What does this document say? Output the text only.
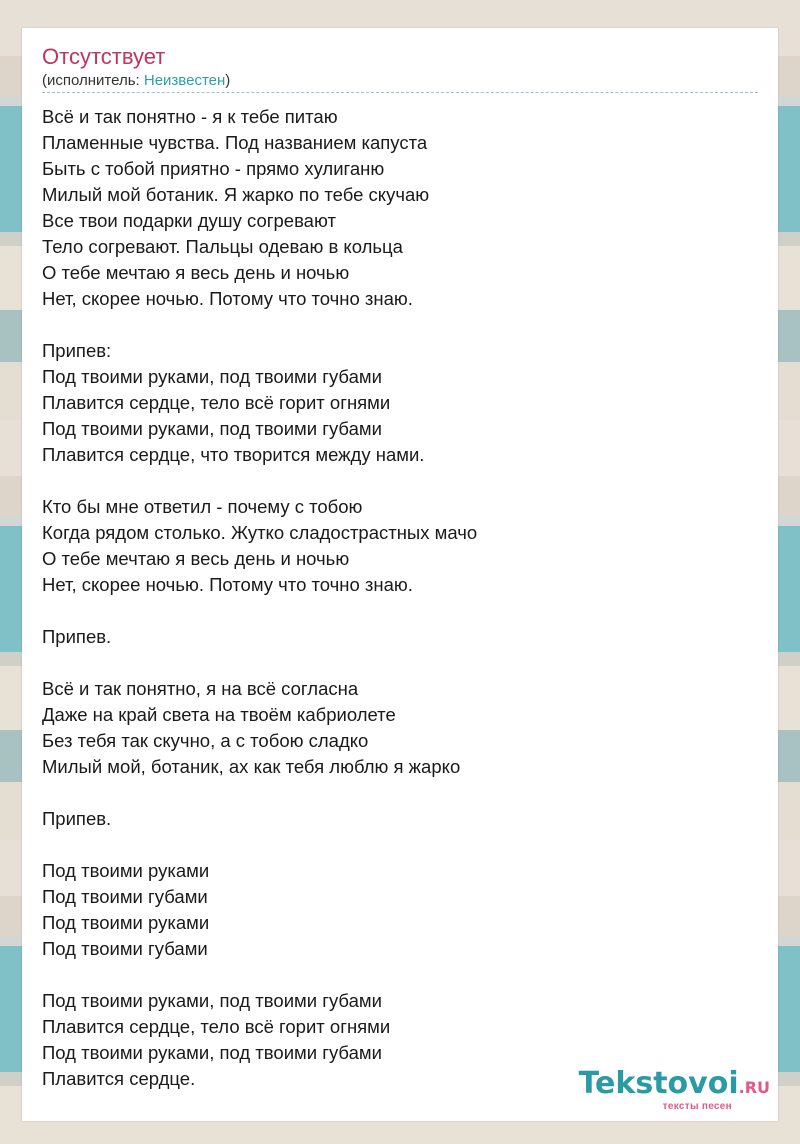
Отсутствует
(исполнитель: Неизвестен)
Всё и так понятно - я к тебе питаю
Пламенные чувства. Под названием капуста
Быть с тобой приятно - прямо хулиганю
Милый мой ботаник. Я жарко по тебе скучаю
Все твои подарки душу согревают
Тело согревают. Пальцы одеваю в кольца
О тебе мечтаю я весь день и ночью
Нет, скорее ночью. Потому что точно знаю.
Припев:
Под твоими руками, под твоими губами
Плавится сердце, тело всё горит огнями
Под твоими руками, под твоими губами
Плавится сердце, что творится между нами.
Кто бы мне ответил - почему с тобою
Когда рядом столько. Жутко сладострастных мачо
О тебе мечтаю я весь день и ночью
Нет, скорее ночью. Потому что точно знаю.
Припев.
Всё и так понятно, я на всё согласна
Даже на край света на твоём кабриолете
Без тебя так скучно, а с тобою сладко
Милый мой, ботаник, ах как тебя люблю я жарко
Припев.
Под твоими руками
Под твоими губами
Под твоими руками
Под твоими губами
Под твоими руками, под твоими губами
Плавится сердце, тело всё горит огнями
Под твоими руками, под твоими губами
Плавится сердце.	Tekstovoi.RU
тексты песен
